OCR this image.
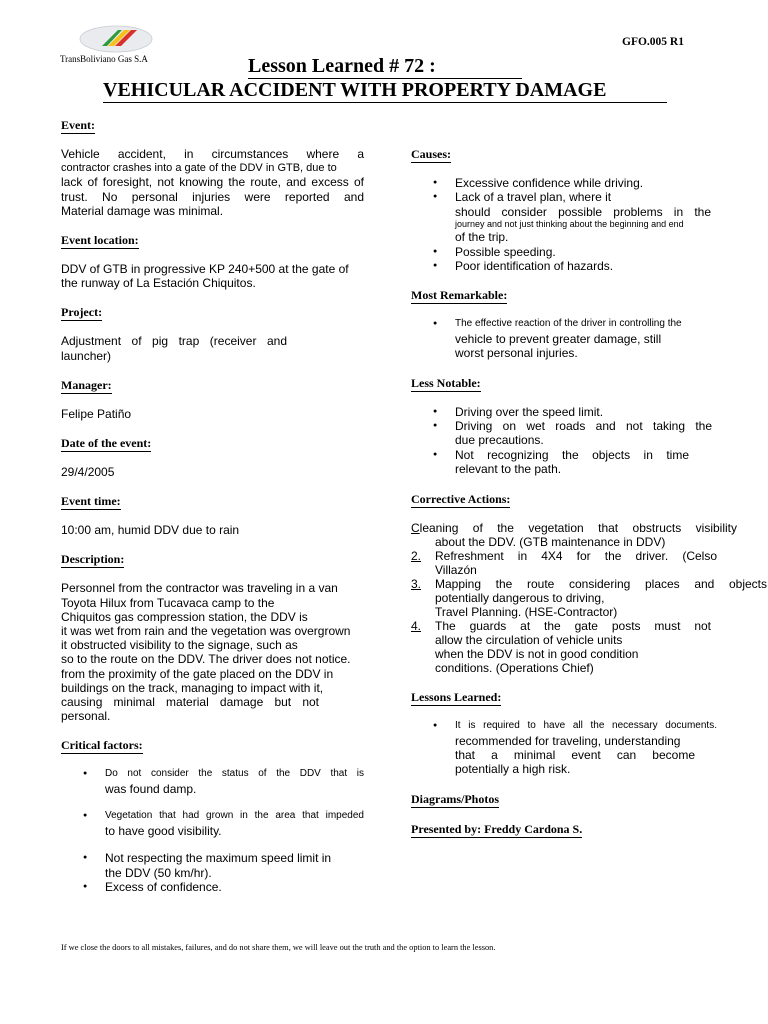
TransBoliviano Gas S.A
GFO.005 R1
Lesson Learned # 72 :
VEHICULAR ACCIDENT WITH PROPERTY DAMAGE
Event:
Vehicle accident, in circumstances where a
contractor crashes into a gate of the DDV in GTB, due to
lack of foresight, not knowing the route, and excess of
trust. No personal injuries were reported and
Material damage was minimal.
Event location:
DDV of GTB in progressive KP 240+500 at the gate of
the runway of La Estación Chiquitos.
Project:
Adjustment of pig trap (receiver and
launcher)
Manager:
Felipe Patiño
Date of the event:
29/4/2005
Event time:
10:00 am, humid DDV due to rain
Description:
Personnel from the contractor was traveling in a van
Toyota Hilux from Tucavaca camp to the
Chiquitos gas compression station, the DDV is
it was wet from rain and the vegetation was overgrown
it obstructed visibility to the signage, such as
so to the route on the DDV. The driver does not notice.
from the proximity of the gate placed on the DDV in
buildings on the track, managing to impact with it,
causing minimal material damage but not
personal.
Critical factors:
● Do not consider the status of the DDV that is
was found damp.
● Vegetation that had grown in the area that impeded
to have good visibility.
● Not respecting the maximum speed limit in
the DDV (50 km/hr).
● Excess of confidence.
Causes:
● Excessive confidence while driving.
● Lack of a travel plan, where it
should consider possible problems in the
journey and not just thinking about the beginning and end
of the trip.
● Possible speeding.
● Poor identification of hazards.
Most Remarkable:
● The effective reaction of the driver in controlling the
vehicle to prevent greater damage, still
worst personal injuries.
Less Notable:
● Driving over the speed limit.
● Driving on wet roads and not taking the
due precautions.
● Not recognizing the objects in time
relevant to the path.
Corrective Actions:
Cleaning of the vegetation that obstructs visibility
about the DDV. (GTB maintenance in DDV)
2. Refreshment in 4X4 for the driver. (Celso
Villazón
3. Mapping the route considering places and objects
potentially dangerous to driving,
Travel Planning. (HSE-Contractor)
4. The guards at the gate posts must not
allow the circulation of vehicle units
when the DDV is not in good condition
conditions. (Operations Chief)
Lessons Learned:
● It is required to have all the necessary documents.
recommended for traveling, understanding
that a minimal event can become
potentially a high risk.
Diagrams/Photos
Presented by: Freddy Cardona S.
If we close the doors to all mistakes, failures, and do not share them, we will leave out the truth and the option to learn the lesson.
